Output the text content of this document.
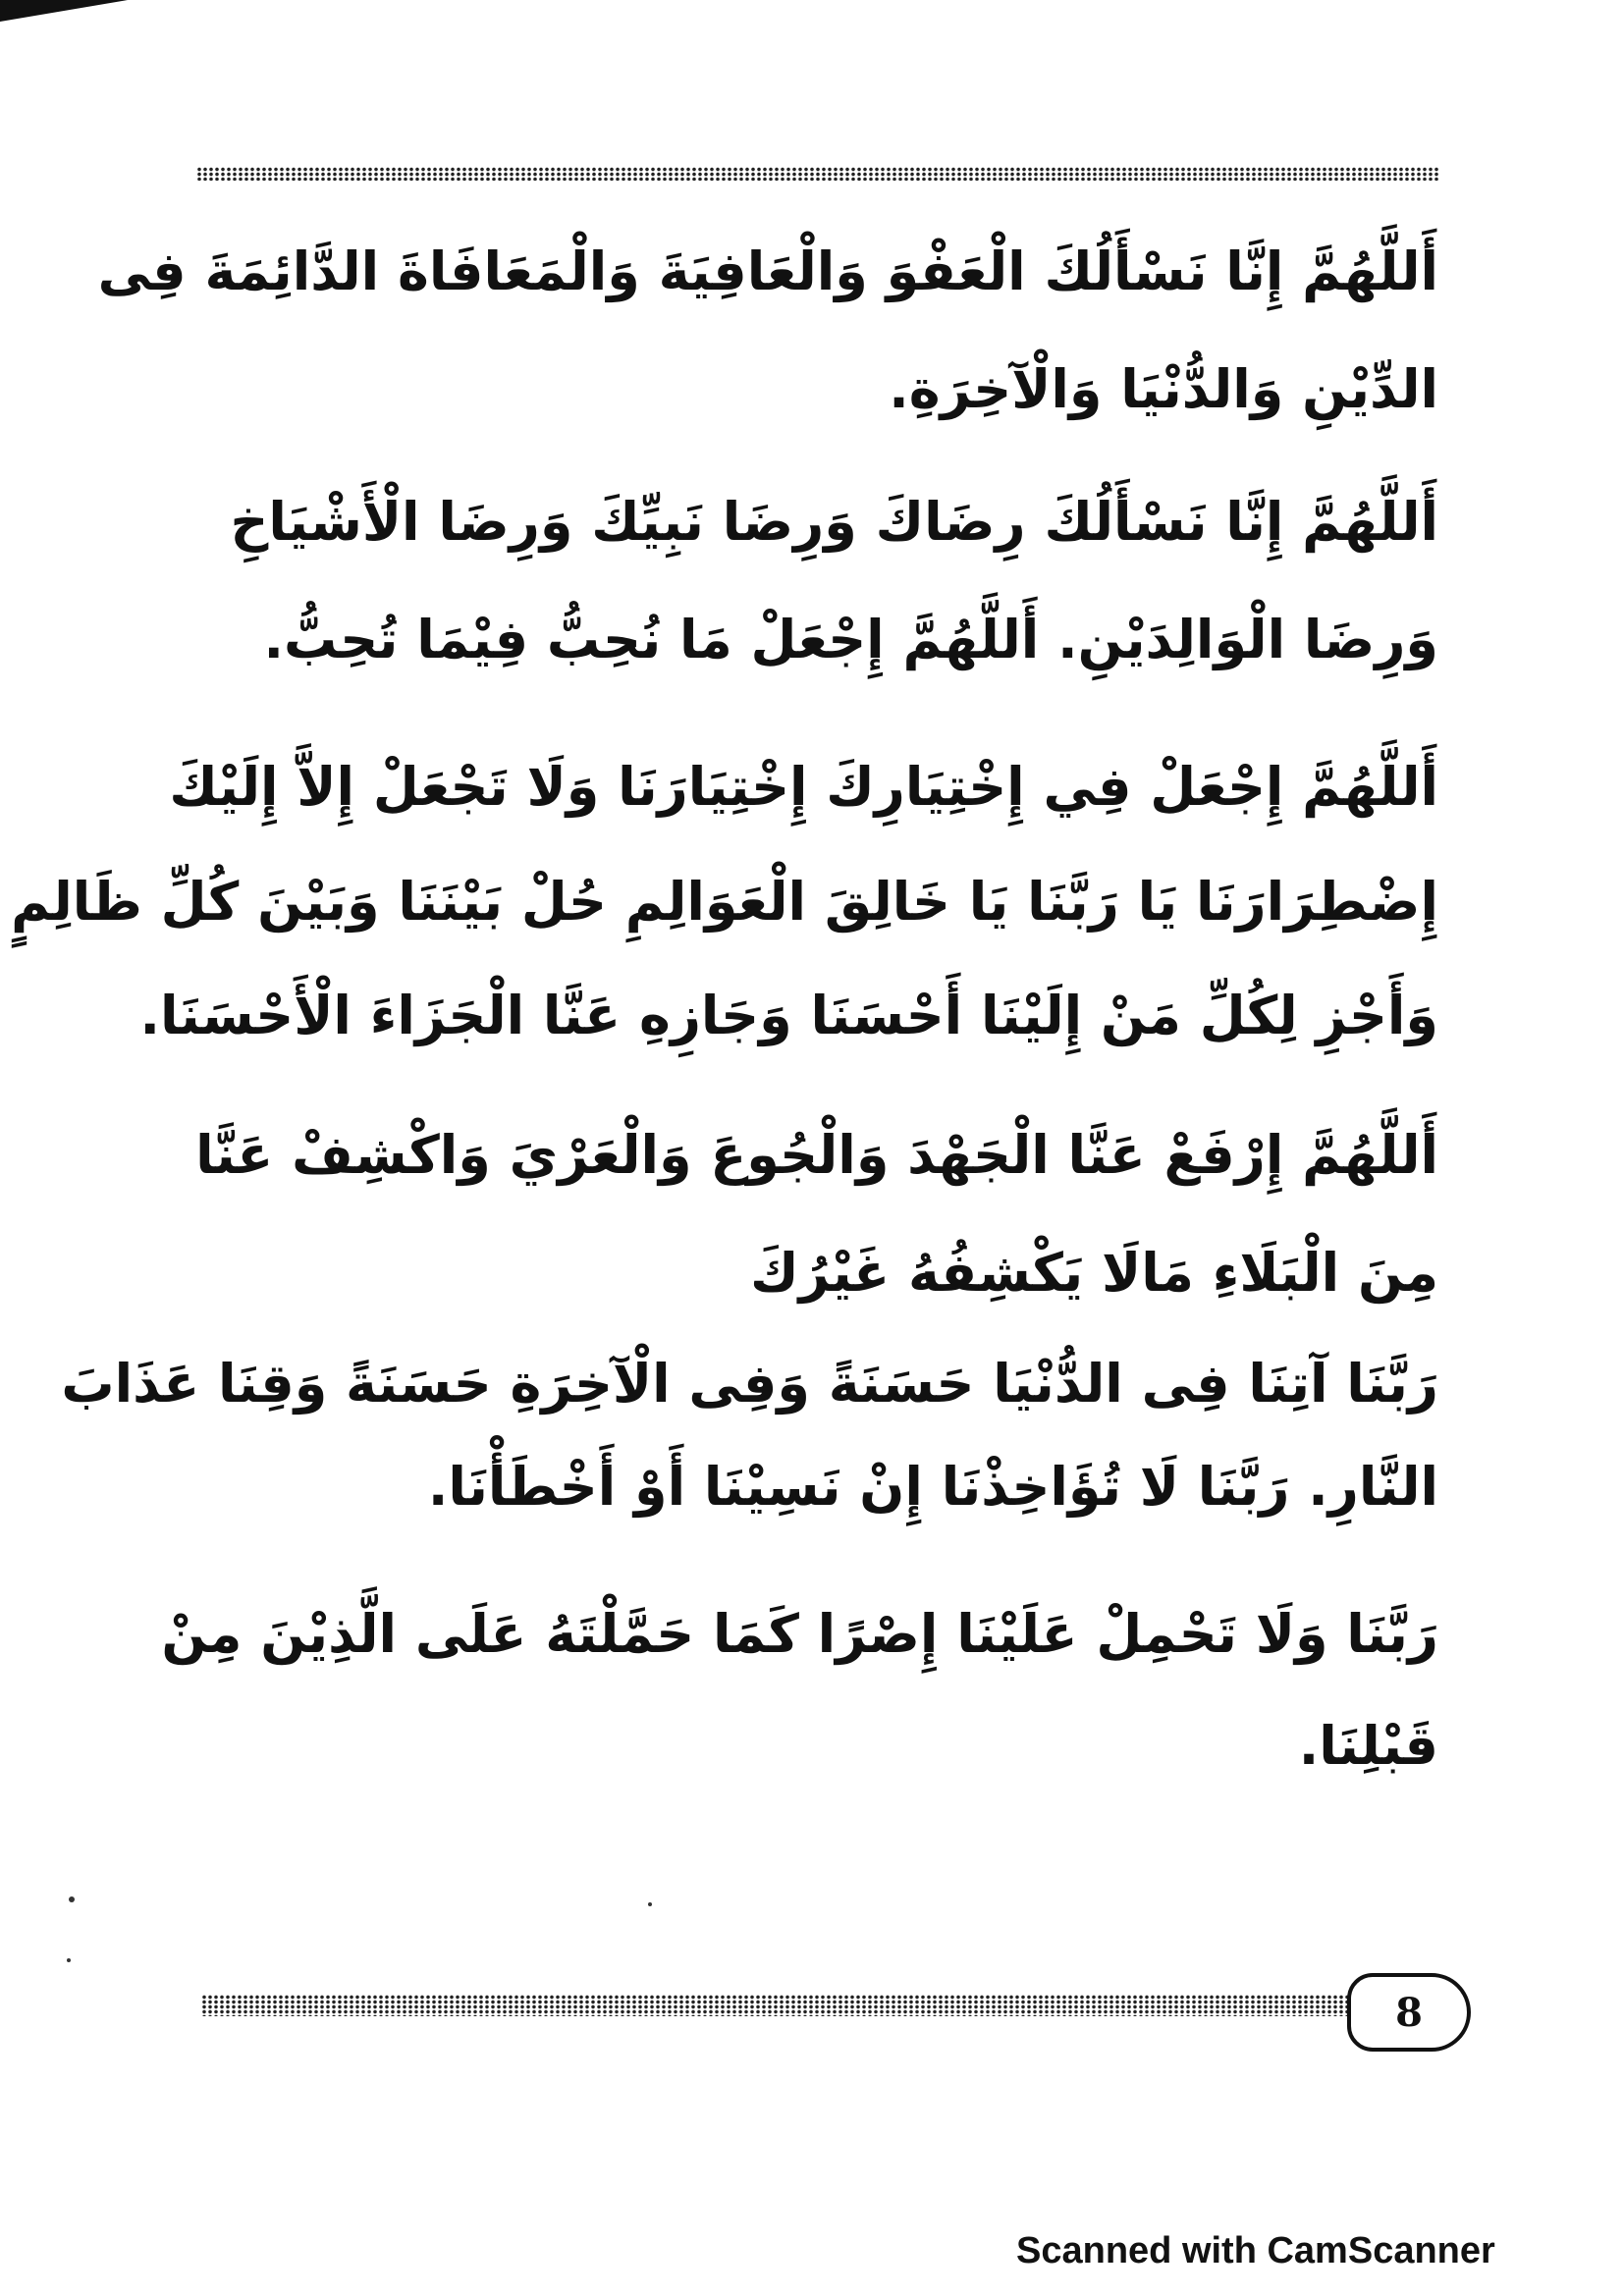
أَللَّهُمَّ إِنَّا نَسْأَلُكَ الْعَفْوَ وَالْعَافِيَةَ وَالْمَعَافَاةَ الدَّائِمَةَ فِى
الدِّيْنِ وَالدُّنْيَا وَالْآخِرَةِ.
أَللَّهُمَّ إِنَّا نَسْأَلُكَ رِضَاكَ وَرِضَا نَبِيِّكَ وَرِضَا الْأَشْيَاخِ
وَرِضَا الْوَالِدَيْنِ. أَللَّهُمَّ إِجْعَلْ مَا نُحِبُّ فِيْمَا تُحِبُّ.
أَللَّهُمَّ إِجْعَلْ فِي إِخْتِيَارِكَ إِخْتِيَارَنَا وَلَا تَجْعَلْ إِلاَّ إِلَيْكَ
إِضْطِرَارَنَا يَا رَبَّنَا يَا خَالِقَ الْعَوَالِمِ حُلْ بَيْنَنَا وَبَيْنَ كُلِّ ظَالِمٍ
وَأَجْزِ لِكُلِّ مَنْ إِلَيْنَا أَحْسَنَا وَجَازِهِ عَنَّا الْجَزَاءَ الْأَحْسَنَا.
أَللَّهُمَّ إِرْفَعْ عَنَّا الْجَهْدَ وَالْجُوعَ وَالْعَرْيَ وَاكْشِفْ عَنَّا
مِنَ الْبَلَاءِ مَالَا يَكْشِفُهُ غَيْرُكَ
رَبَّنَا آتِنَا فِى الدُّنْيَا حَسَنَةً وَفِى الْآخِرَةِ حَسَنَةً وَقِنَا عَذَابَ
النَّارِ. رَبَّنَا لَا تُؤَاخِذْنَا إِنْ نَسِيْنَا أَوْ أَخْطَأْنَا.
رَبَّنَا وَلَا تَحْمِلْ عَلَيْنَا إِصْرًا كَمَا حَمَّلْتَهُ عَلَى الَّذِيْنَ مِنْ
قَبْلِنَا.
8
Scanned with CamScanner
